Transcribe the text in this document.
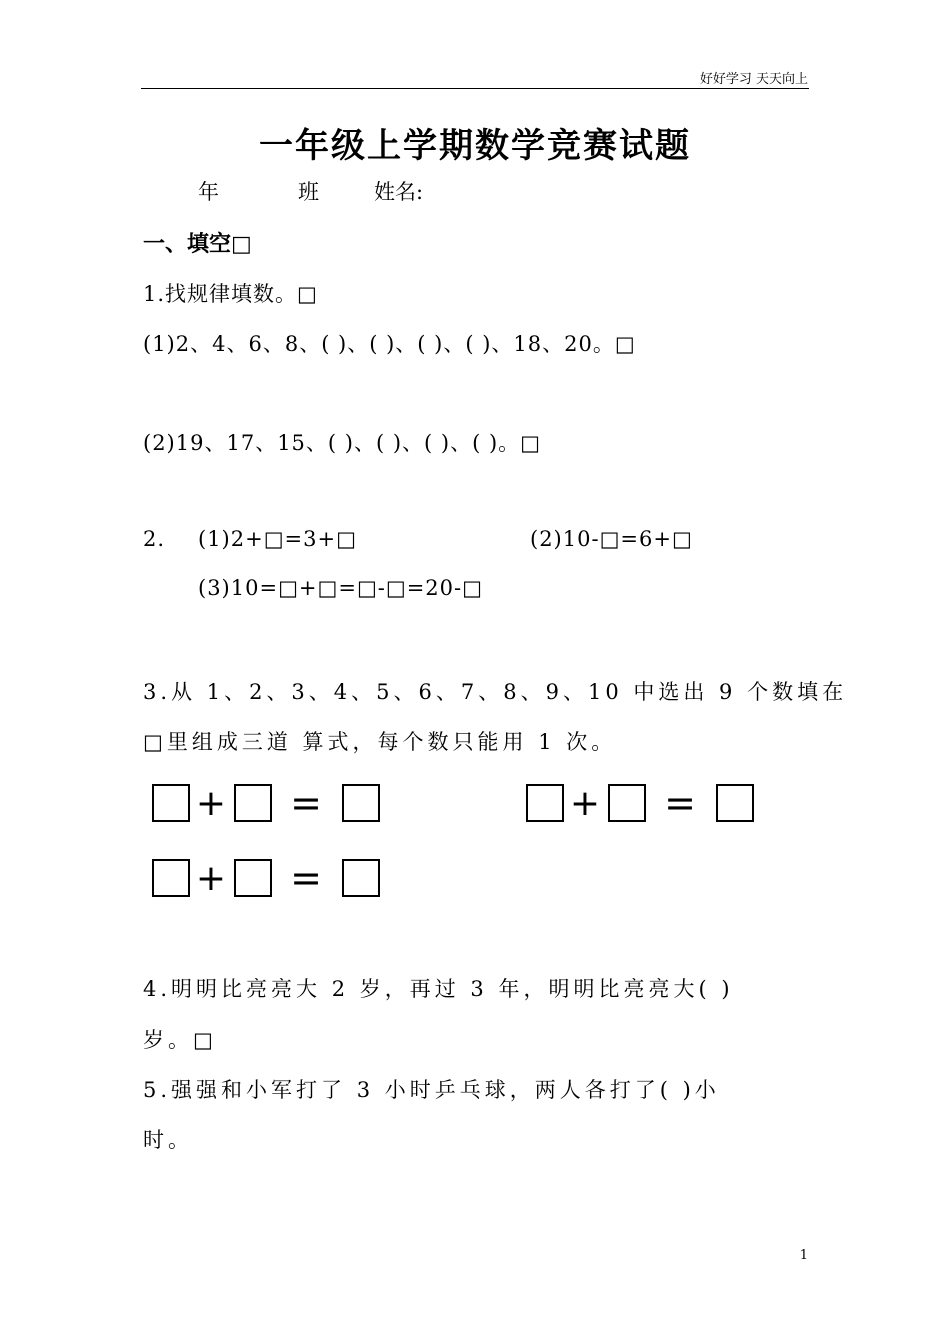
好好学习 天天向上
一年级上学期数学竞赛试题
年	班	姓名:
一、填空□
1.找规律填数。□
(1)2、4、6、8、( )、( )、( )、( )、18、20。□
(2)19、17、15、( )、( )、( )、( )。□
2. (1)2+□=3+□	(2)10-□=6+□
(3)10=□+□=□-□=20-□
3.从 1、2、3、4、5、6、7、8、9、10 中选出 9 个数填在
□里组成三道 算式，每个数只能用 1 次。
+ =	+ =
+ =
4.明明比亮亮大 2 岁，再过 3 年，明明比亮亮大( )
岁。□
5.强强和小军打了 3 小时乒乓球，两人各打了( )小
时。
1
